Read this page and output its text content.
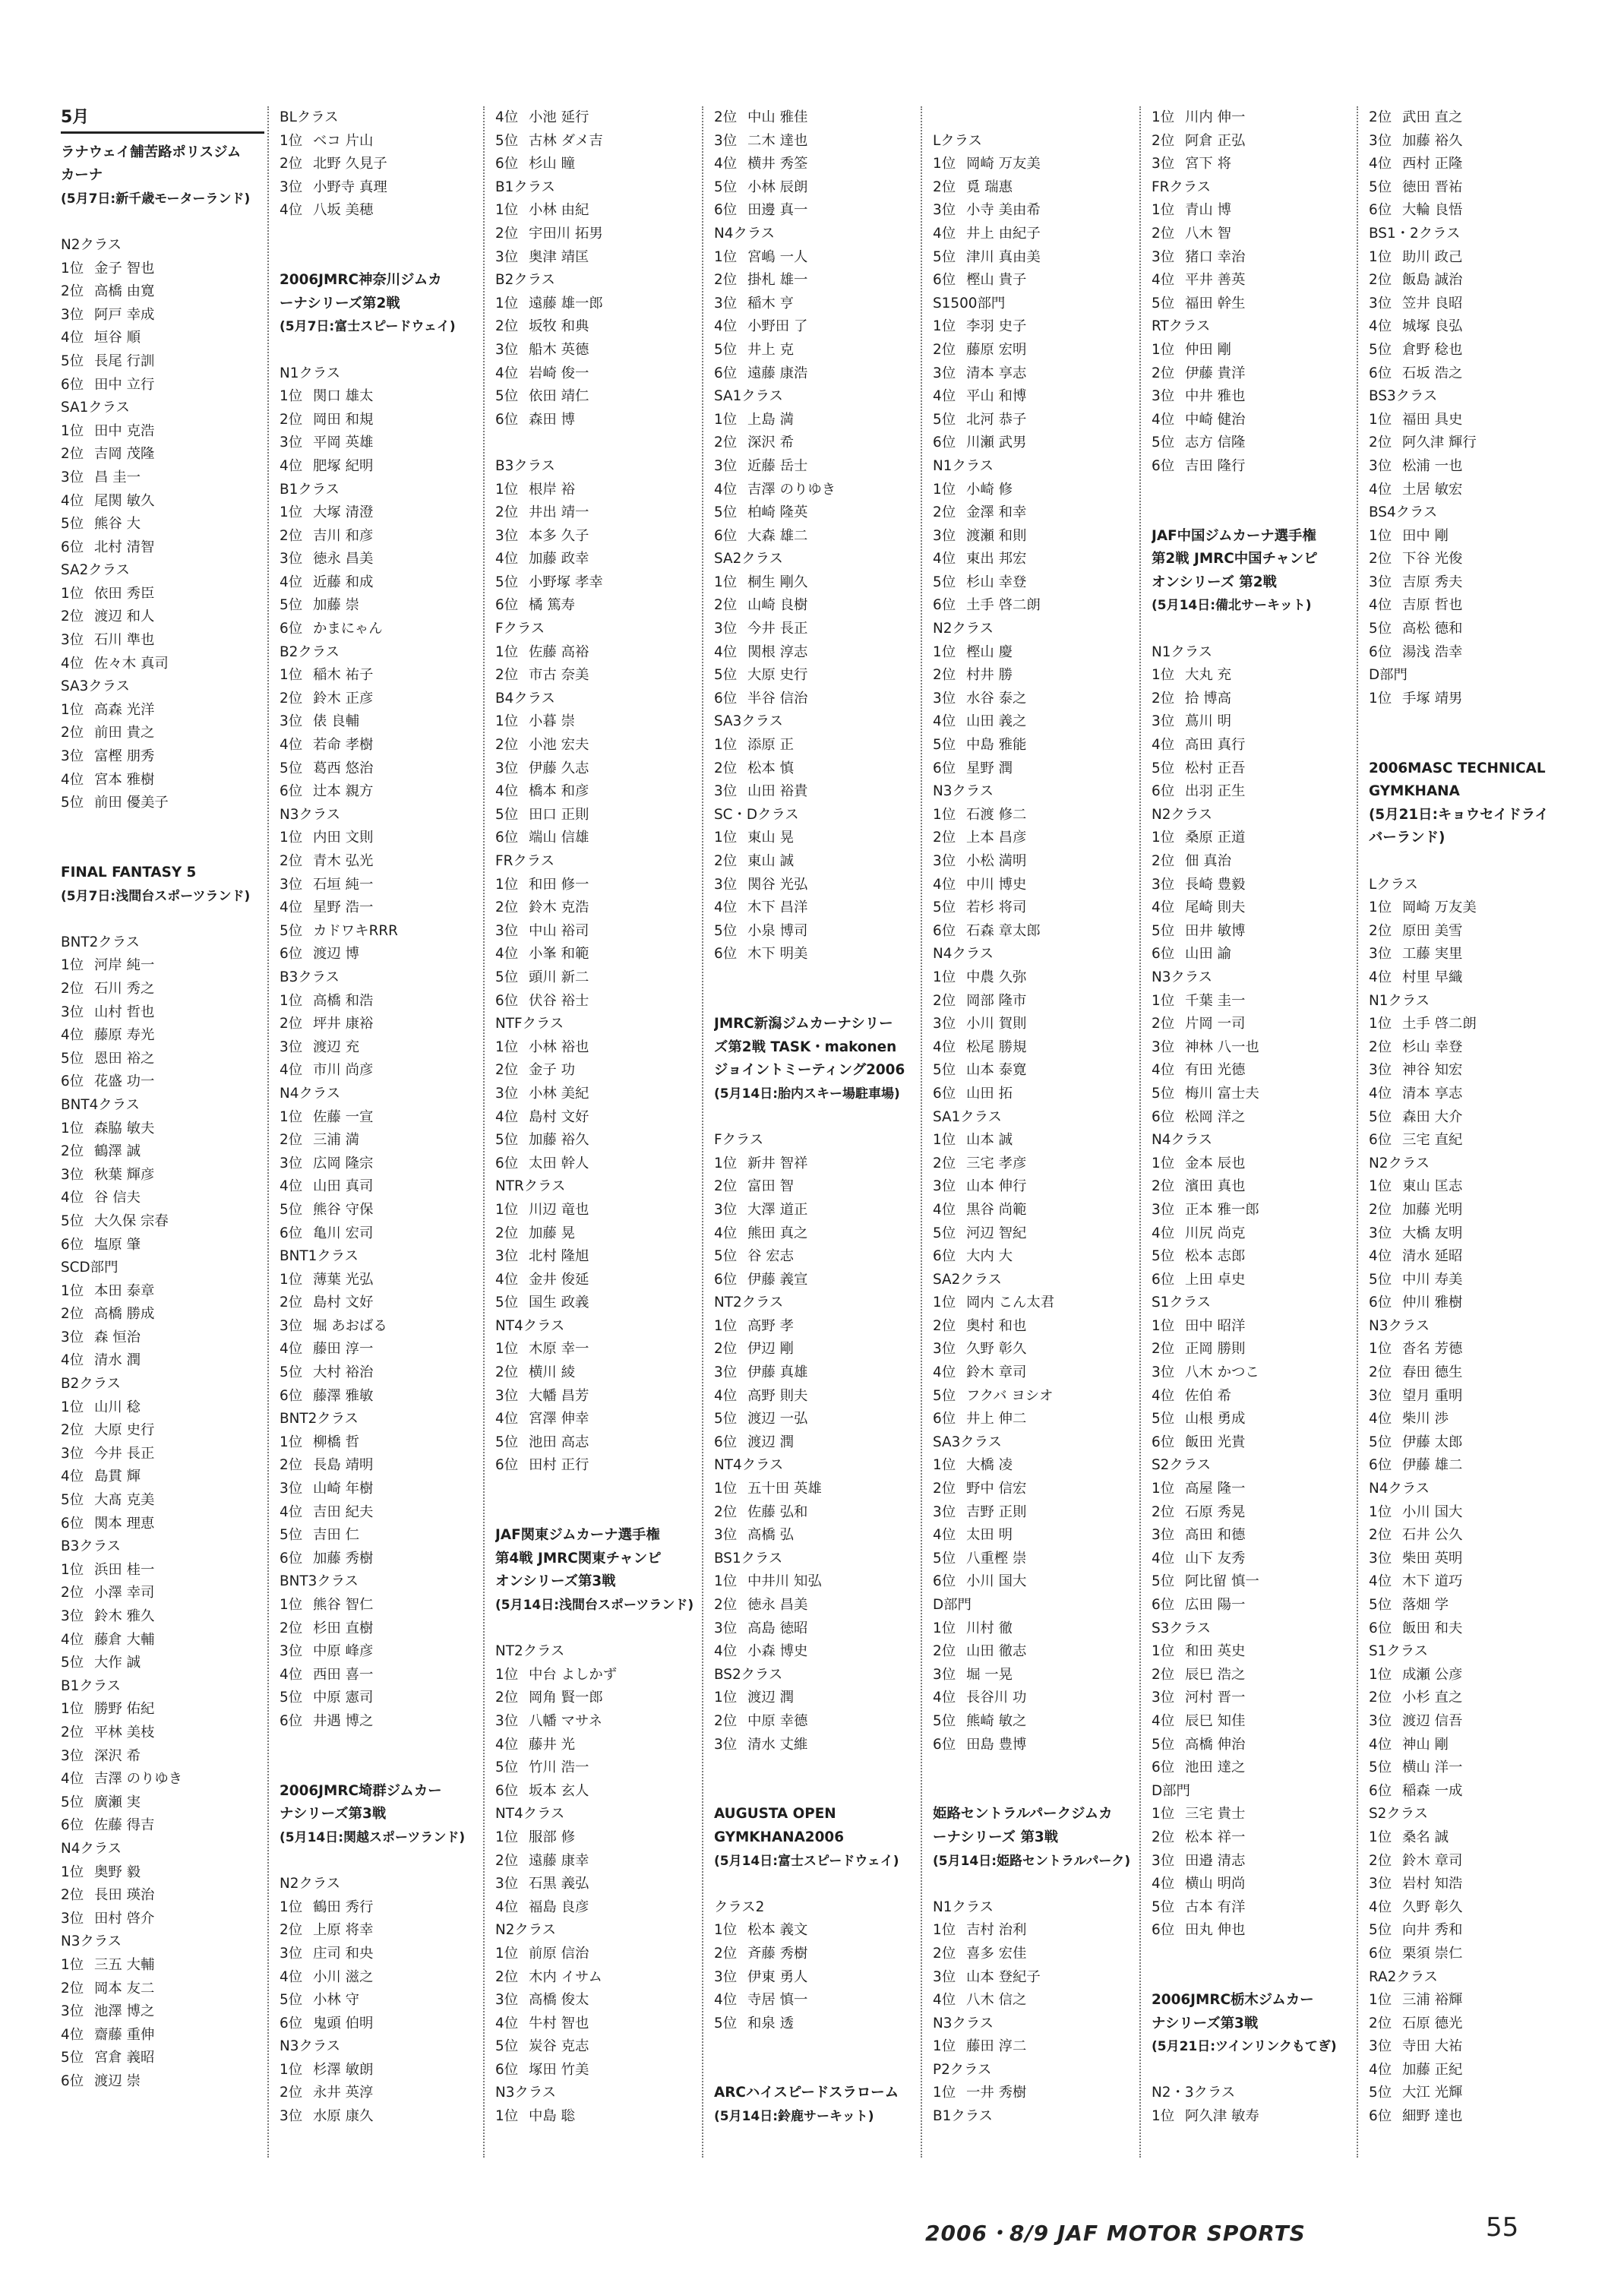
5月
ラナウェイ舗苦路ポリスジム
カーナ
(5月7日:新千歳モーターランド)
N2クラス
1位 金子 智也
2位 高橋 由寛
3位 阿戸 幸成
4位 垣谷 順
5位 長尾 行訓
6位 田中 立行
SA1クラス
1位 田中 克浩
2位 吉岡 茂隆
3位 昌 圭一
4位 尾関 敏久
5位 熊谷 大
6位 北村 清智
SA2クラス
1位 依田 秀臣
2位 渡辺 和人
3位 石川 準也
4位 佐々木 真司
SA3クラス
1位 高森 光洋
2位 前田 貴之
3位 富樫 朋秀
4位 宮本 雅樹
5位 前田 優美子
FINAL FANTASY 5
(5月7日:浅間台スポーツランド)
BNT2クラス
1位 河岸 純一
2位 石川 秀之
3位 山村 哲也
4位 藤原 寿光
5位 恩田 裕之
6位 花盛 功一
BNT4クラス
1位 森脇 敏夫
2位 鶴澤 誠
3位 秋葉 輝彦
4位 谷 信夫
5位 大久保 宗春
6位 塩原 肇
SCD部門
1位 本田 泰章
2位 高橋 勝成
3位 森 恒治
4位 清水 潤
B2クラス
1位 山川 稔
2位 大原 史行
3位 今井 長正
4位 島貫 輝
5位 大髙 克美
6位 関本 理恵
B3クラス
1位 浜田 桂一
2位 小澤 幸司
3位 鈴木 雅久
4位 藤倉 大輔
5位 大作 誠
B1クラス
1位 勝野 佑紀
2位 平林 美枝
3位 深沢 希
4位 吉澤 のりゆき
5位 廣瀬 実
6位 佐藤 得吉
N4クラス
1位 奥野 毅
2位 長田 瑛治
3位 田村 啓介
N3クラス
1位 三五 大輔
2位 岡本 友二
3位 池澤 博之
4位 齋藤 重伸
5位 宮倉 義昭
6位 渡辺 崇
BLクラス
1位 ベコ 片山
2位 北野 久見子
3位 小野寺 真理
4位 八坂 美穂
2006JMRC神奈川ジムカ
ーナシリーズ第2戦
(5月7日:富士スピードウェイ)
N1クラス
1位 関口 雄太
2位 岡田 和規
3位 平岡 英雄
4位 肥塚 紀明
B1クラス
1位 大塚 清澄
2位 吉川 和彦
3位 徳永 昌美
4位 近藤 和成
5位 加藤 崇
6位 かまにゃん
B2クラス
1位 稲木 祐子
2位 鈴木 正彦
3位 俵 良輔
4位 若命 孝樹
5位 葛西 悠治
6位 辻本 親方
N3クラス
1位 内田 文則
2位 青木 弘光
3位 石垣 純一
4位 星野 浩一
5位 カドワキRRR
6位 渡辺 博
B3クラス
1位 高橋 和浩
2位 坪井 康裕
3位 渡辺 充
4位 市川 尚彦
N4クラス
1位 佐藤 一宣
2位 三浦 満
3位 広岡 隆宗
4位 山田 真司
5位 熊谷 守保
6位 亀川 宏司
BNT1クラス
1位 薄葉 光弘
2位 島村 文好
3位 堀 あおばる
4位 藤田 淳一
5位 大村 裕治
6位 藤澤 雅敏
BNT2クラス
1位 柳橋 哲
2位 長島 靖明
3位 山崎 年樹
4位 吉田 紀夫
5位 吉田 仁
6位 加藤 秀樹
BNT3クラス
1位 熊谷 智仁
2位 杉田 直樹
3位 中原 峰彦
4位 西田 喜一
5位 中原 憲司
6位 井遇 博之
2006JMRC埼群ジムカー
ナシリーズ第3戦
(5月14日:関越スポーツランド)
N2クラス
1位 鶴田 秀行
2位 上原 将幸
3位 庄司 和央
4位 小川 滋之
5位 小林 守
6位 鬼頭 伯明
N3クラス
1位 杉澤 敏朗
2位 永井 英淳
3位 水原 康久
4位 小池 延行
5位 古林 ダメ吉
6位 杉山 瞳
B1クラス
1位 小林 由紀
2位 宇田川 拓男
3位 奥津 靖匡
B2クラス
1位 遠藤 雄一郎
2位 坂牧 和典
3位 船木 英德
4位 岩崎 俊一
5位 依田 靖仁
6位 森田 博
B3クラス
1位 根岸 裕
2位 井出 靖一
3位 本多 久子
4位 加藤 政幸
5位 小野塚 孝幸
6位 橘 篤寿
Fクラス
1位 佐藤 高裕
2位 市古 奈美
B4クラス
1位 小暮 崇
2位 小池 宏夫
3位 伊藤 久志
4位 橋本 和彦
5位 田口 正則
6位 端山 信雄
FRクラス
1位 和田 修一
2位 鈴木 克浩
3位 中山 裕司
4位 小峯 和範
5位 頭川 新二
6位 伏谷 裕士
NTFクラス
1位 小林 裕也
2位 金子 功
3位 小林 美紀
4位 島村 文好
5位 加藤 裕久
6位 太田 幹人
NTRクラス
1位 川辺 竜也
2位 加藤 晃
3位 北村 隆旭
4位 金井 俊延
5位 国生 政義
NT4クラス
1位 木原 幸一
2位 横川 綾
3位 大幡 昌芳
4位 宮澤 伸幸
5位 池田 高志
6位 田村 正行
JAF関東ジムカーナ選手権
第4戦 JMRC関東チャンピ
オンシリーズ第3戦
(5月14日:浅間台スポーツランド)
NT2クラス
1位 中台 よしかず
2位 岡角 賢一郎
3位 八幡 マサネ
4位 藤井 光
5位 竹川 浩一
6位 坂本 玄人
NT4クラス
1位 服部 修
2位 遠藤 康幸
3位 石黒 義弘
4位 福島 良彦
N2クラス
1位 前原 信治
2位 木内 イサム
3位 高橋 俊太
4位 牛村 智也
5位 炭谷 克志
6位 塚田 竹美
N3クラス
1位 中島 聡
2位 中山 雅佳
3位 二木 達也
4位 横井 秀筌
5位 小林 辰朗
6位 田邊 真一
N4クラス
1位 宮嶋 一人
2位 掛札 雄一
3位 稲木 亨
4位 小野田 了
5位 井上 克
6位 遠藤 康浩
SA1クラス
1位 上島 満
2位 深沢 希
3位 近藤 岳士
4位 吉澤 のりゆき
5位 柏崎 隆英
6位 大森 雄二
SA2クラス
1位 桐生 剛久
2位 山崎 良樹
3位 今井 長正
4位 関根 淳志
5位 大原 史行
6位 半谷 信治
SA3クラス
1位 添原 正
2位 松本 慎
3位 山田 裕貴
SC・Dクラス
1位 東山 晃
2位 東山 誠
3位 関谷 光弘
4位 木下 昌洋
5位 小泉 博司
6位 木下 明美
JMRC新潟ジムカーナシリー
ズ第2戦 TASK・makonen
ジョイントミーティング2006
(5月14日:胎内スキー場駐車場)
Fクラス
1位 新井 智祥
2位 富田 智
3位 大澤 道正
4位 熊田 真之
5位 谷 宏志
6位 伊藤 義宣
NT2クラス
1位 高野 孝
2位 伊辺 剛
3位 伊藤 真雄
4位 高野 則夫
5位 渡辺 一弘
6位 渡辺 潤
NT4クラス
1位 五十田 英雄
2位 佐藤 弘和
3位 高橋 弘
BS1クラス
1位 中井川 知弘
2位 徳永 昌美
3位 高島 徳昭
4位 小森 博史
BS2クラス
1位 渡辺 潤
2位 中原 幸德
3位 清水 丈維
AUGUSTA OPEN
GYMKHANA2006
(5月14日:富士スピードウェイ)
クラス2
1位 松本 義文
2位 斉藤 秀樹
3位 伊東 勇人
4位 寺居 慎一
5位 和泉 透
ARCハイスピードスラローム
(5月14日:鈴鹿サーキット)
Lクラス
1位 岡崎 万友美
2位 覓 瑞惠
3位 小寺 美由希
4位 井上 由紀子
5位 津川 真由美
6位 樫山 貴子
S1500部門
1位 李羽 史子
2位 藤原 宏明
3位 清本 享志
4位 平山 和博
5位 北河 恭子
6位 川瀬 武男
N1クラス
1位 小崎 修
2位 金澤 和幸
3位 渡瀬 和則
4位 東出 邦宏
5位 杉山 幸登
6位 土手 啓二朗
N2クラス
1位 樫山 慶
2位 村井 勝
3位 水谷 泰之
4位 山田 義之
5位 中島 雅能
6位 星野 潤
N3クラス
1位 石渡 修二
2位 上本 昌彦
3位 小松 満明
4位 中川 博史
5位 若杉 将司
6位 石森 章太郎
N4クラス
1位 中農 久弥
2位 岡部 隆市
3位 小川 賀則
4位 松尾 勝規
5位 山本 泰寛
6位 山田 拓
SA1クラス
1位 山本 誠
2位 三宅 孝彦
3位 山本 伸行
4位 黒谷 尚範
5位 河辺 智紀
6位 大内 大
SA2クラス
1位 岡内 こん太君
2位 奥村 和也
3位 久野 彰久
4位 鈴木 章司
5位 フクバ ヨシオ
6位 井上 伸二
SA3クラス
1位 大橋 凌
2位 野中 信宏
3位 吉野 正則
4位 太田 明
5位 八重樫 崇
6位 小川 国大
D部門
1位 川村 徹
2位 山田 徹志
3位 堀 一晃
4位 長谷川 功
5位 熊崎 敏之
6位 田島 豊博
姫路セントラルパークジムカ
ーナシリーズ 第3戦
(5月14日:姫路セントラルパーク)
N1クラス
1位 吉村 治利
2位 喜多 宏佳
3位 山本 登紀子
4位 八木 信之
N3クラス
1位 藤田 淳二
P2クラス
1位 一井 秀樹
B1クラス
1位 川内 伸一
2位 阿倉 正弘
3位 宮下 将
FRクラス
1位 青山 博
2位 八木 智
3位 猪口 幸治
4位 平井 善英
5位 福田 幹生
RTクラス
1位 仲田 剛
2位 伊藤 貴洋
3位 中井 雅也
4位 中崎 健治
5位 志方 信隆
6位 吉田 隆行
JAF中国ジムカーナ選手権
第2戦 JMRC中国チャンピ
オンシリーズ 第2戦
(5月14日:備北サーキット)
N1クラス
1位 大丸 充
2位 拾 博高
3位 蔦川 明
4位 高田 真行
5位 松村 正吾
6位 出羽 正生
N2クラス
1位 桑原 正道
2位 佃 真治
3位 長崎 豊毅
4位 尾崎 則夫
5位 田井 敏博
6位 山田 諭
N3クラス
1位 千葉 圭一
2位 片岡 一司
3位 神林 八一也
4位 有田 光德
5位 梅川 富士夫
6位 松岡 洋之
N4クラス
1位 金本 辰也
2位 濱田 真也
3位 正本 雅一郎
4位 川尻 尚克
5位 松本 志郎
6位 上田 卓史
S1クラス
1位 田中 昭洋
2位 正岡 勝則
3位 八木 かつこ
4位 佐伯 希
5位 山根 勇成
6位 飯田 光貴
S2クラス
1位 高屋 隆一
2位 石原 秀晃
3位 高田 和德
4位 山下 友秀
5位 阿比留 慎一
6位 広田 陽一
S3クラス
1位 和田 英史
2位 辰巳 浩之
3位 河村 晋一
4位 辰巳 知佳
5位 高橋 伸治
6位 池田 達之
D部門
1位 三宅 貴士
2位 松本 祥一
3位 田邉 清志
4位 横山 明尚
5位 古本 有洋
6位 田丸 伸也
2006JMRC栃木ジムカー
ナシリーズ第3戦
(5月21日:ツインリンクもてぎ)
N2・3クラス
1位 阿久津 敏寿
2位 武田 直之
3位 加藤 裕久
4位 西村 正隆
5位 徳田 晋祐
6位 大輪 良悟
BS1・2クラス
1位 助川 政己
2位 飯島 誠治
3位 笠井 良昭
4位 城塚 良弘
5位 倉野 稔也
6位 石坂 浩之
BS3クラス
1位 福田 具史
2位 阿久津 輝行
3位 松浦 一也
4位 土居 敏宏
BS4クラス
1位 田中 剛
2位 下谷 光俊
3位 吉原 秀夫
4位 吉原 哲也
5位 高松 德和
6位 湯浅 浩幸
D部門
1位 手塚 靖男
2006MASC TECHNICAL
GYMKHANA
(5月21日:キョウセイドライ
バーランド)
Lクラス
1位 岡崎 万友美
2位 原田 美雪
3位 工藤 実里
4位 村里 早織
N1クラス
1位 土手 啓二朗
2位 杉山 幸登
3位 神谷 知宏
4位 清本 享志
5位 森田 大介
6位 三宅 直紀
N2クラス
1位 東山 匡志
2位 加藤 光明
3位 大橋 友明
4位 清水 延昭
5位 中川 寿美
6位 仲川 雅樹
N3クラス
1位 沓名 芳德
2位 春田 德生
3位 望月 重明
4位 柴川 渉
5位 伊藤 太郎
6位 伊藤 雄二
N4クラス
1位 小川 国大
2位 石井 公久
3位 柴田 英明
4位 木下 道巧
5位 落畑 学
6位 飯田 和夫
S1クラス
1位 成瀬 公彦
2位 小杉 直之
3位 渡辺 信吾
4位 神山 剛
5位 横山 洋一
6位 稲森 一成
S2クラス
1位 桑名 誠
2位 鈴木 章司
3位 岩村 知浩
4位 久野 彰久
5位 向井 秀和
6位 栗須 崇仁
RA2クラス
1位 三浦 裕輝
2位 石原 德光
3位 寺田 大祐
4位 加藤 正紀
5位 大江 光輝
6位 細野 達也
2006・8/9 JAF MOTOR SPORTS	55
